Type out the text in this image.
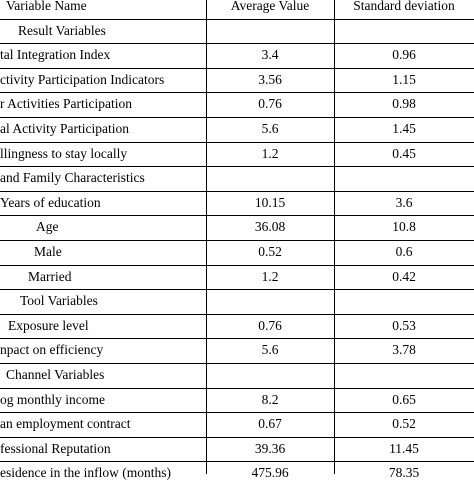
Variable Name	Average Value	Standard deviation
Result Variables
tal Integration Index	3.4	0.96
ctivity Participation Indicators	3.56	1.15
r Activities Participation	0.76	0.98
al Activity Participation	5.6	1.45
llingness to stay locally	1.2	0.45
and Family Characteristics
Years of education	10.15	3.6
Age	36.08	10.8
Male	0.52	0.6
Married	1.2	0.42
Tool Variables
Exposure level	0.76	0.53
npact on efficiency	5.6	3.78
Channel Variables
og monthly income	8.2	0.65
an employment contract	0.67	0.52
fessional Reputation	39.36	11.45
esidence in the inflow (months)	475.96	78.35
